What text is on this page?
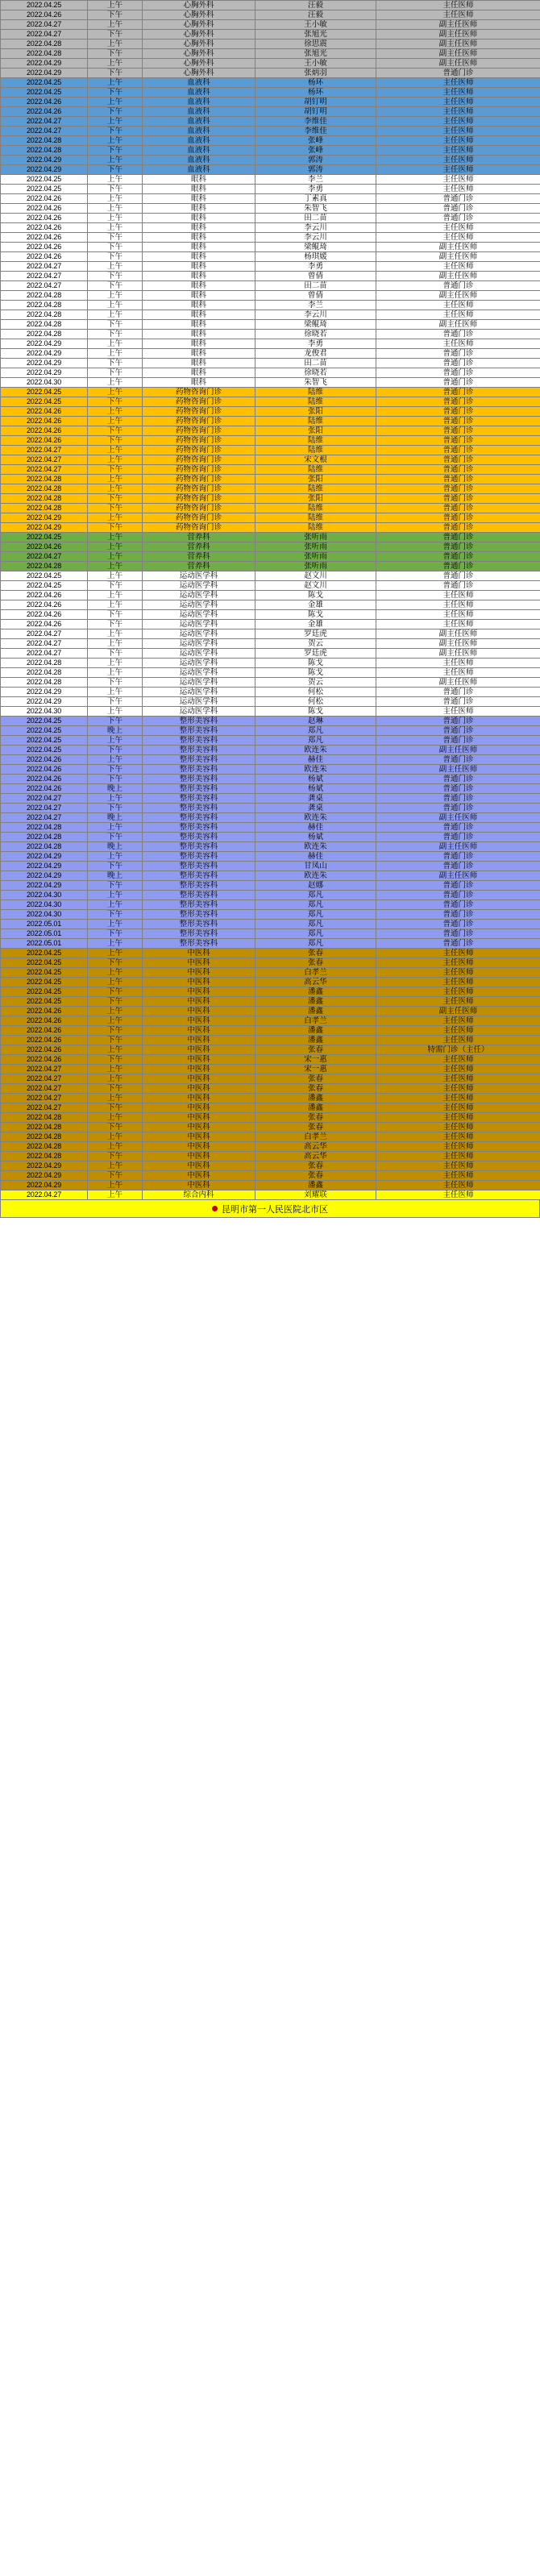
2022.04.25	上午	心胸外科	汪毅	主任医师
2022.04.26	下午	心胸外科	汪毅	主任医师
2022.04.27	上午	心胸外科	王小敏	副主任医师
2022.04.27	下午	心胸外科	张旭光	副主任医师
2022.04.28	上午	心胸外科	徐思震	副主任医师
2022.04.28	下午	心胸外科	张旭光	副主任医师
2022.04.29	上午	心胸外科	王小敏	副主任医师
2022.04.29	下午	心胸外科	张炳羽	普通门诊
2022.04.25	上午	血液科	杨环	主任医师
2022.04.25	下午	血液科	杨环	主任医师
2022.04.26	上午	血液科	胡钉明	主任医师
2022.04.26	下午	血液科	胡钉明	主任医师
2022.04.27	上午	血液科	李维佳	主任医师
2022.04.27	下午	血液科	李维佳	主任医师
2022.04.28	上午	血液科	张峰	主任医师
2022.04.28	下午	血液科	张峰	主任医师
2022.04.29	上午	血液科	郭涛	主任医师
2022.04.29	下午	血液科	郭涛	主任医师
2022.04.25	上午	眼科	李兰	主任医师
2022.04.25	下午	眼科	李勇	主任医师
2022.04.26	上午	眼科	丁素真	普通门诊
2022.04.26	上午	眼科	朱智飞	普通门诊
2022.04.26	上午	眼科	田二苗	普通门诊
2022.04.26	上午	眼科	李云川	主任医师
2022.04.26	下午	眼科	李云川	主任医师
2022.04.26	下午	眼科	梁鲲琦	副主任医师
2022.04.26	下午	眼科	杨琪媛	副主任医师
2022.04.27	上午	眼科	李勇	主任医师
2022.04.27	下午	眼科	曾倩	副主任医师
2022.04.27	下午	眼科	田二苗	普通门诊
2022.04.28	上午	眼科	曾倩	副主任医师
2022.04.28	上午	眼科	李兰	主任医师
2022.04.28	上午	眼科	李云川	主任医师
2022.04.28	下午	眼科	梁鲲琦	副主任医师
2022.04.28	下午	眼科	徐晓若	普通门诊
2022.04.29	上午	眼科	李勇	主任医师
2022.04.29	上午	眼科	龙俊君	普通门诊
2022.04.29	下午	眼科	田二苗	普通门诊
2022.04.29	下午	眼科	徐晓若	普通门诊
2022.04.30	上午	眼科	朱智飞	普通门诊
2022.04.25	上午	药物咨询门诊	陆维	普通门诊
2022.04.25	下午	药物咨询门诊	陆维	普通门诊
2022.04.26	上午	药物咨询门诊	张阳	普通门诊
2022.04.26	上午	药物咨询门诊	陆维	普通门诊
2022.04.26	下午	药物咨询门诊	张阳	普通门诊
2022.04.26	下午	药物咨询门诊	陆维	普通门诊
2022.04.27	上午	药物咨询门诊	陆维	普通门诊
2022.04.27	上午	药物咨询门诊	宋文根	普通门诊
2022.04.27	下午	药物咨询门诊	陆维	普通门诊
2022.04.28	上午	药物咨询门诊	张阳	普通门诊
2022.04.28	上午	药物咨询门诊	陆维	普通门诊
2022.04.28	下午	药物咨询门诊	张阳	普通门诊
2022.04.28	下午	药物咨询门诊	陆维	普通门诊
2022.04.29	上午	药物咨询门诊	陆维	普通门诊
2022.04.29	下午	药物咨询门诊	陆维	普通门诊
2022.04.25	上午	营养科	张听雨	普通门诊
2022.04.26	上午	营养科	张听雨	普通门诊
2022.04.27	上午	营养科	张听雨	普通门诊
2022.04.28	上午	营养科	张听雨	普通门诊
2022.04.25	上午	运动医学科	赵文川	普通门诊
2022.04.25	下午	运动医学科	赵文川	普通门诊
2022.04.26	上午	运动医学科	陈戈	主任医师
2022.04.26	上午	运动医学科	金雄	主任医师
2022.04.26	下午	运动医学科	陈戈	主任医师
2022.04.26	下午	运动医学科	金雄	主任医师
2022.04.27	上午	运动医学科	罗廷虎	副主任医师
2022.04.27	上午	运动医学科	贺云	副主任医师
2022.04.27	下午	运动医学科	罗廷虎	副主任医师
2022.04.28	上午	运动医学科	陈戈	主任医师
2022.04.28	上午	运动医学科	陈戈	主任医师
2022.04.28	下午	运动医学科	贺云	副主任医师
2022.04.29	上午	运动医学科	何松	普通门诊
2022.04.29	下午	运动医学科	何松	普通门诊
2022.04.30	上午	运动医学科	陈戈	主任医师
2022.04.25	下午	整形美容科	赵琳	普通门诊
2022.04.25	晚上	整形美容科	郑凡	普通门诊
2022.04.25	上午	整形美容科	郑凡	普通门诊
2022.04.25	下午	整形美容科	欧连朱	副主任医师
2022.04.26	上午	整形美容科	赫佳	普通门诊
2022.04.26	下午	整形美容科	欧连朱	副主任医师
2022.04.26	下午	整形美容科	杨斌	普通门诊
2022.04.26	晚上	整形美容科	杨斌	普通门诊
2022.04.27	上午	整形美容科	龚桌	普通门诊
2022.04.27	下午	整形美容科	龚桌	普通门诊
2022.04.27	晚上	整形美容科	欧连朱	副主任医师
2022.04.28	上午	整形美容科	赫佳	普通门诊
2022.04.28	下午	整形美容科	杨斌	普通门诊
2022.04.28	晚上	整形美容科	欧连朱	副主任医师
2022.04.29	上午	整形美容科	赫佳	普通门诊
2022.04.29	下午	整形美容科	甘凤山	普通门诊
2022.04.29	晚上	整形美容科	欧连朱	副主任医师
2022.04.29	下午	整形美容科	赵娜	普通门诊
2022.04.30	上午	整形美容科	郑凡	普通门诊
2022.04.30	上午	整形美容科	郑凡	普通门诊
2022.04.30	下午	整形美容科	郑凡	普通门诊
2022.05.01	上午	整形美容科	郑凡	普通门诊
2022.05.01	下午	整形美容科	郑凡	普通门诊
2022.05.01	上午	整形美容科	郑凡	普通门诊
2022.04.25	上午	中医科	张春	主任医师
2022.04.25	下午	中医科	张春	主任医师
2022.04.25	上午	中医科	白孝兰	主任医师
2022.04.25	上午	中医科	高云华	主任医师
2022.04.25	下午	中医科	潘鑫	主任医师
2022.04.25	下午	中医科	潘鑫	主任医师
2022.04.26	上午	中医科	潘鑫	副主任医师
2022.04.26	上午	中医科	白孝兰	主任医师
2022.04.26	下午	中医科	潘鑫	主任医师
2022.04.26	下午	中医科	潘鑫	主任医师
2022.04.26	上午	中医科	张春	特需门诊（主任）
2022.04.26	下午	中医科	宋一惠	主任医师
2022.04.27	上午	中医科	宋一惠	主任医师
2022.04.27	上午	中医科	张春	主任医师
2022.04.27	下午	中医科	张春	主任医师
2022.04.27	上午	中医科	潘鑫	主任医师
2022.04.27	下午	中医科	潘鑫	主任医师
2022.04.28	上午	中医科	张春	主任医师
2022.04.28	下午	中医科	张春	主任医师
2022.04.28	上午	中医科	白孝兰	主任医师
2022.04.28	上午	中医科	高云华	主任医师
2022.04.28	下午	中医科	高云华	主任医师
2022.04.29	上午	中医科	张春	主任医师
2022.04.29	下午	中医科	张春	主任医师
2022.04.29	上午	中医科	潘鑫	主任医师
2022.04.27	上午	综合内科	刘耀联	主任医师
昆明市第一人民医院北市区
